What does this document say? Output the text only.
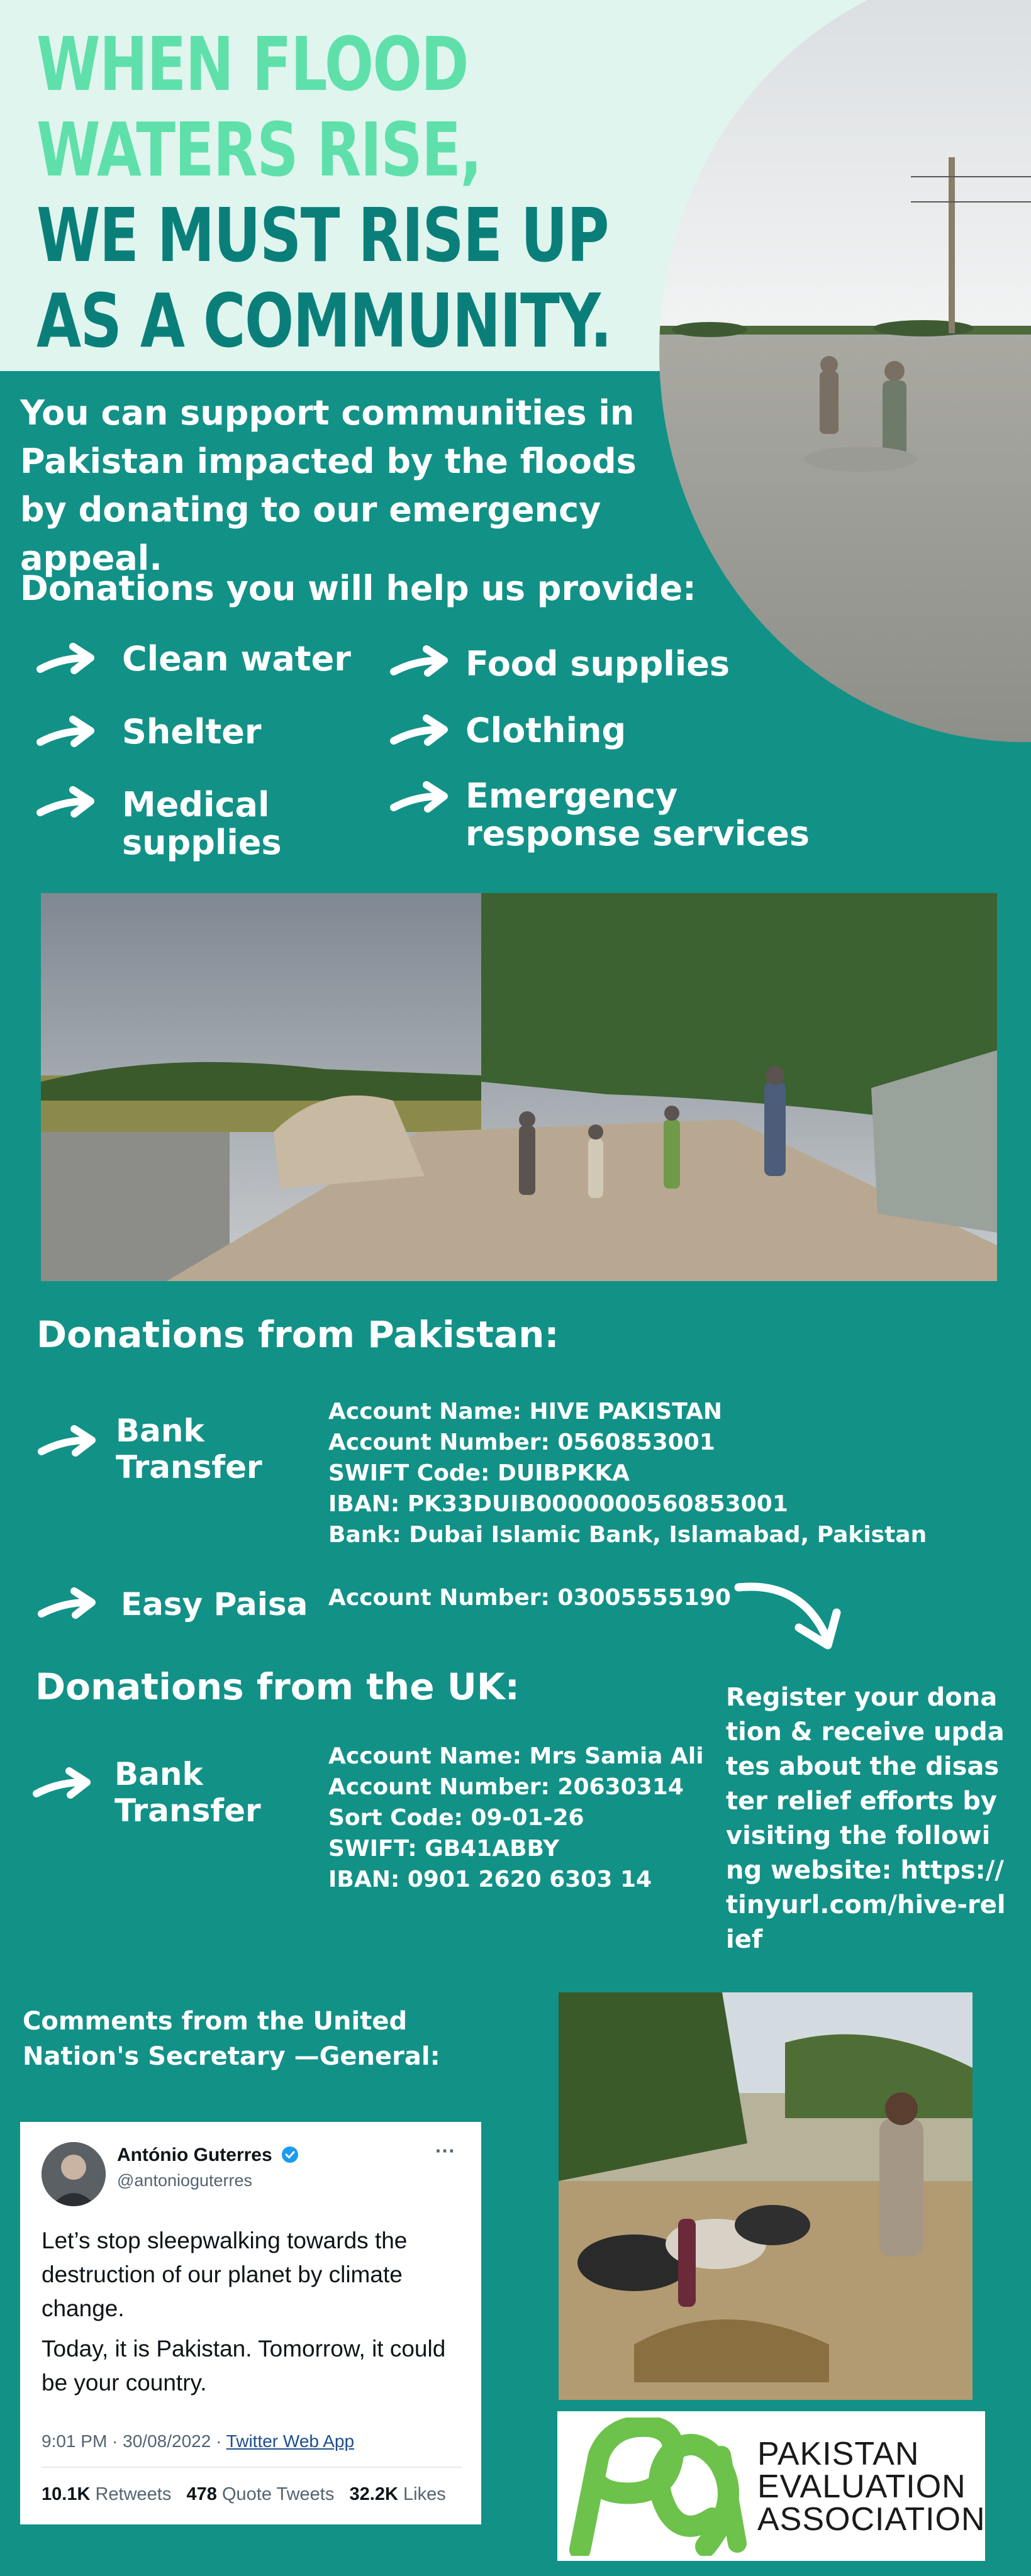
WHEN FLOOD
WATERS RISE,
WE MUST RISE UP
AS A COMMUNITY.
You can support communities in Pakistan impacted by the floods by donating to our emergency appeal.
Donations you will help us provide:
Clean water	Food supplies
Shelter	Clothing
Medical supplies
Emergency response services
Donations from Pakistan:
Bank Transfer
Account Name: HIVE PAKISTAN
Account Number: 0560853001
SWIFT Code: DUIBPKKA
IBAN: PK33DUIB0000000560853001
Bank: Dubai Islamic Bank, Islamabad, Pakistan
Easy Paisa Account Number: 03005555190
Donations from the UK:
Bank Transfer
Account Name: Mrs Samia Ali
Account Number: 20630314
Sort Code: 09-01-26
SWIFT: GB41ABBY
IBAN: 0901 2620 6303 14
Register your donation & receive updates about the disaster relief efforts by visiting the following website: https://tinyurl.com/hive-relief
Comments from the United Nation's Secretary —General:
António Guterres
@antonioguterres
···
Let’s stop sleepwalking towards the destruction of our planet by climate change.
Today, it is Pakistan. Tomorrow, it could be your country.
9:01 PM · 30/08/2022 · Twitter Web App
10.1K Retweets 478 Quote Tweets 32.2K Likes
PAKISTAN
EVALUATION
ASSOCIATION
